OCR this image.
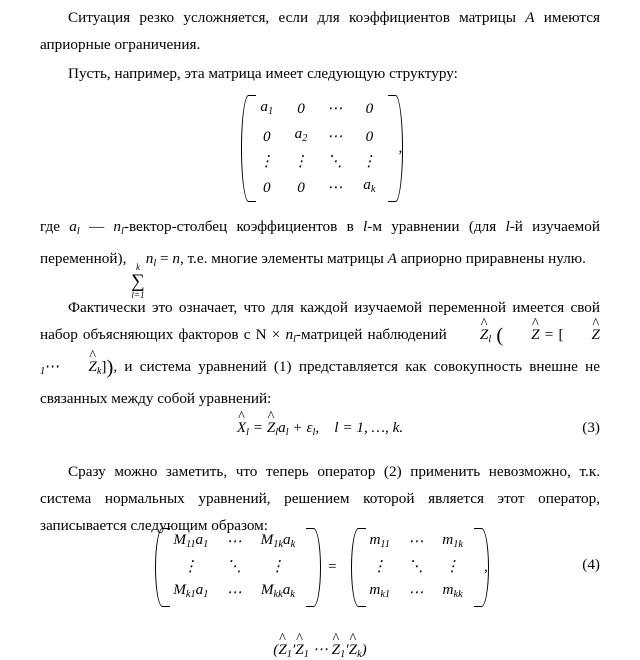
Ситуация резко усложняется, если для коэффициентов матрицы A имеются априорные ограничения.
Пусть, например, эта матрица имеет следующую структуру:
$a_1$	0	⋯	0
0	$a_2$	⋯	0
⋮	⋮	⋱	⋮
0	0	⋯	$a_k$
,
где $a_l$ — $n_l-вектор$-столбец коэффициентов в l-м уравнении (для l-й изучаемой переменной), k
∑
l=1
$n_l = n$, т.е. многие элементы матрицы A априорно приравнены нулю.
Фактически это означает, что для каждой изучаемой переменной имеется свой набор объясняющих факторов с $N \times n_l$-матрицей наблюдений Z $\^{}_l$ ( Z ^ = [ Z $\^{}_1\cdots$ Z $\^{}_k$]), и система уравнений (1) представляется как совокупность внешне не связанных между собой уравнений:
X $\^{}_l = Z$ $\^{}_la_l + \varepsilon_l$,    l = 1, …, k.	(3)
Сразу можно заметить, что теперь оператор (2) применить невозможно, т.к. система нормальных уравнений, решением которой является этот оператор, записывается следующим образом:
$M_{11}a_1$	⋯	$M_{1k}a_k$
⋮	⋱	⋮
$M_{k1}a_1$	⋯	$M_{kk}a_k$
=
$m_{11}$	⋯	$m_{1k}$
⋮	⋱	⋮
$m_{k1}$	⋯	$m_{kk}$
,	(4)
(Z $\^{}_1'Z$ $\^{}_1$ ⋯ Z $\^{}_1'Z$ $\^{}_k$)
